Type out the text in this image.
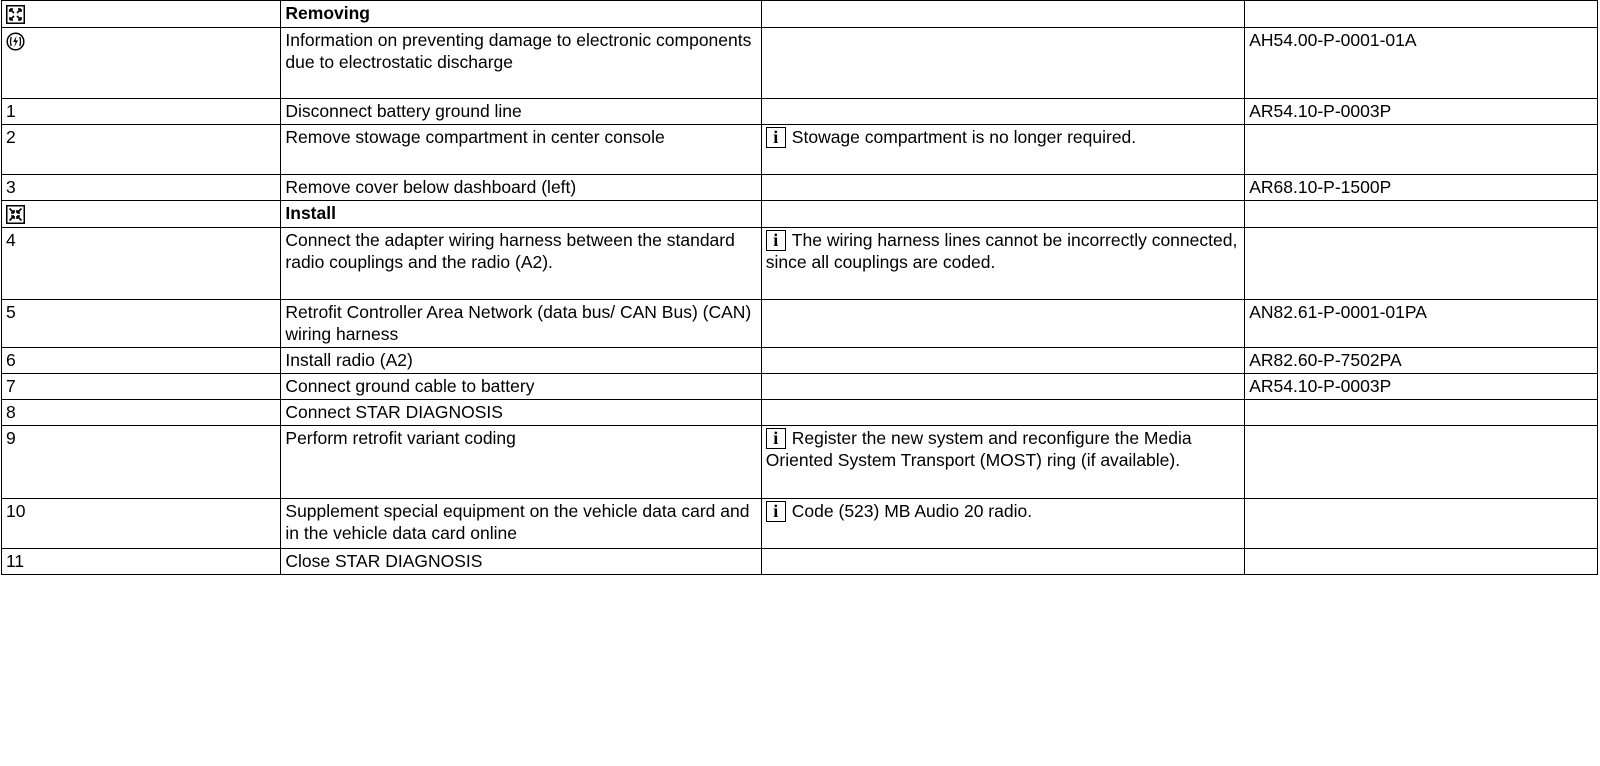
	Removing		
	Information on preventing damage to electronic components due to electrostatic discharge		AH54.00-P-0001-01A
1	Disconnect battery ground line		AR54.10-P-0003P
2	Remove stowage compartment in center console	i Stowage compartment is no longer required.	
3	Remove cover below dashboard (left)		AR68.10-P-1500P
	Install		
4	Connect the adapter wiring harness between the standard radio couplings and the radio (A2).	i The wiring harness lines cannot be incorrectly connected, since all couplings are coded.	
5	Retrofit Controller Area Network (data bus/ CAN Bus) (CAN) wiring harness		AN82.61-P-0001-01PA
6	Install radio (A2)		AR82.60-P-7502PA
7	Connect ground cable to battery		AR54.10-P-0003P
8	Connect STAR DIAGNOSIS		
9	Perform retrofit variant coding	i Register the new system and reconfigure the Media Oriented System Transport (MOST) ring (if available).	
10	Supplement special equipment on the vehicle data card and in the vehicle data card online	i Code (523) MB Audio 20 radio.	
11	Close STAR DIAGNOSIS		
